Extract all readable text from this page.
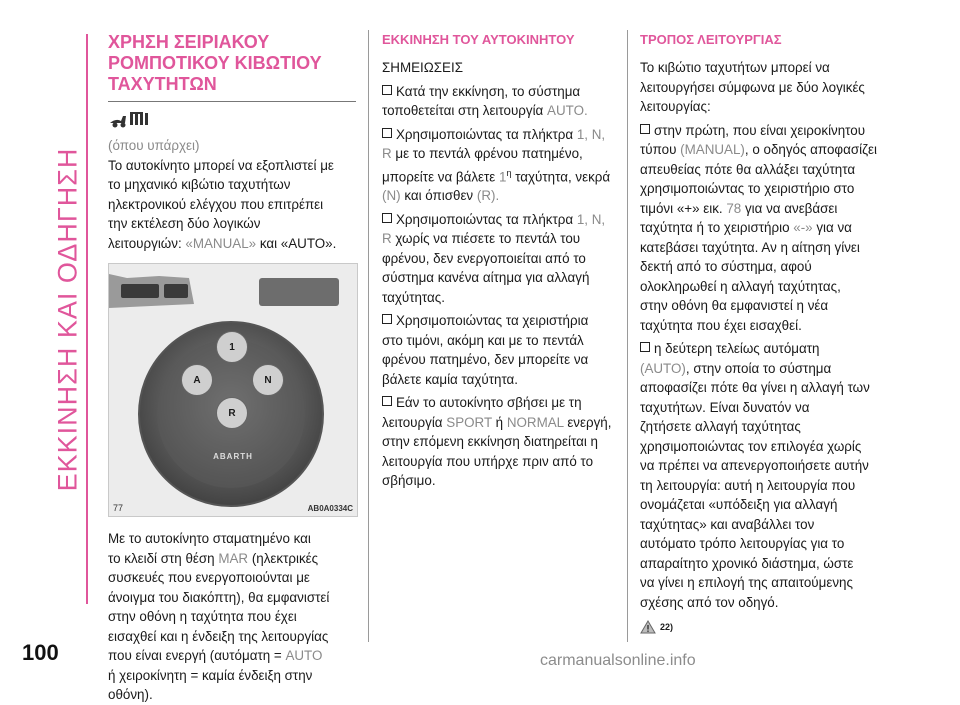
ΕΚΚΙΝΗΣΗ ΚΑΙ ΟΔΗΓΗΣΗ
100
ΧΡΗΣΗ ΣΕΙΡΙΑΚΟΥ
ΡΟΜΠΟΤΙΚΟΥ ΚΙΒΩΤΙΟΥ
ΤΑΧΥΤΗΤΩΝ

(όπου υπάρχει)

Το αυτοκίνητο μπορεί να εξοπλιστεί με
το μηχανικό κιβώτιο ταχυτήτων
ηλεκτρονικού ελέγχου που επιτρέπει
την εκτέλεση δύο λογικών
λειτουργιών: «MANUAL» και «AUTO».

1
A	N
R
ABARTH
77	AB0A0334C

Με το αυτοκίνητο σταματημένο και
το κλειδί στη θέση MAR (ηλεκτρικές
συσκευές που ενεργοποιούνται με
άνοιγμα του διακόπτη), θα εμφανιστεί
στην οθόνη η ταχύτητα που έχει
εισαχθεί και η ένδειξη της λειτουργίας
που είναι ενεργή (αυτόματη = AUTO
ή χειροκίνητη = καμία ένδειξη στην
οθόνη).

ΕΚΚΙΝΗΣΗ ΤΟΥ ΑΥΤΟΚΙΝΗΤΟΥ
ΣΗΜΕΙΩΣΕΙΣ

Κατά την εκκίνηση, το σύστημα
τοποθετείται στη λειτουργία AUTO.

Χρησιμοποιώντας τα πλήκτρα 1, N,
R με το πεντάλ φρένου πατημένο,
μπορείτε να βάλετε $1^\eta$ ταχύτητα, νεκρά
(N) και όπισθεν (R).

Χρησιμοποιώντας τα πλήκτρα 1, N,
R χωρίς να πιέσετε το πεντάλ του
φρένου, δεν ενεργοποιείται από το
σύστημα κανένα αίτημα για αλλαγή
ταχύτητας.

Χρησιμοποιώντας τα χειριστήρια
στο τιμόνι, ακόμη και με το πεντάλ
φρένου πατημένο, δεν μπορείτε να
βάλετε καμία ταχύτητα.

Εάν το αυτοκίνητο σβήσει με τη
λειτουργία SPORT ή NORMAL ενεργή,
στην επόμενη εκκίνηση διατηρείται η
λειτουργία που υπήρχε πριν από το
σβήσιμο.

ΤΡΟΠΟΣ ΛΕΙΤΟΥΡΓΙΑΣ

Το κιβώτιο ταχυτήτων μπορεί να
λειτουργήσει σύμφωνα με δύο λογικές
λειτουργίας:

στην πρώτη, που είναι χειροκίνητου
τύπου (MANUAL), ο οδηγός αποφασίζει
απευθείας πότε θα αλλάξει ταχύτητα
χρησιμοποιώντας το χειριστήριο στο
τιμόνι «+» εικ. 78 για να ανεβάσει
ταχύτητα ή το χειριστήριο «-» για να
κατεβάσει ταχύτητα. Αν η αίτηση γίνει
δεκτή από το σύστημα, αφού
ολοκληρωθεί η αλλαγή ταχύτητας,
στην οθόνη θα εμφανιστεί η νέα
ταχύτητα που έχει εισαχθεί.

η δεύτερη τελείως αυτόματη
(AUTO), στην οποία το σύστημα
αποφασίζει πότε θα γίνει η αλλαγή των
ταχυτήτων. Είναι δυνατόν να
ζητήσετε αλλαγή ταχύτητας
χρησιμοποιώντας τον επιλογέα χωρίς
να πρέπει να απενεργοποιήσετε αυτήν
τη λειτουργία: αυτή η λειτουργία που
ονομάζεται «υπόδειξη για αλλαγή
ταχύτητας» και αναβάλλει τον
αυτόματο τρόπο λειτουργίας για το
απαραίτητο χρονικό διάστημα, ώστε
να γίνει η επιλογή της απαιτούμενης
σχέσης από τον οδηγό.

22)
carmanualsonline.info
